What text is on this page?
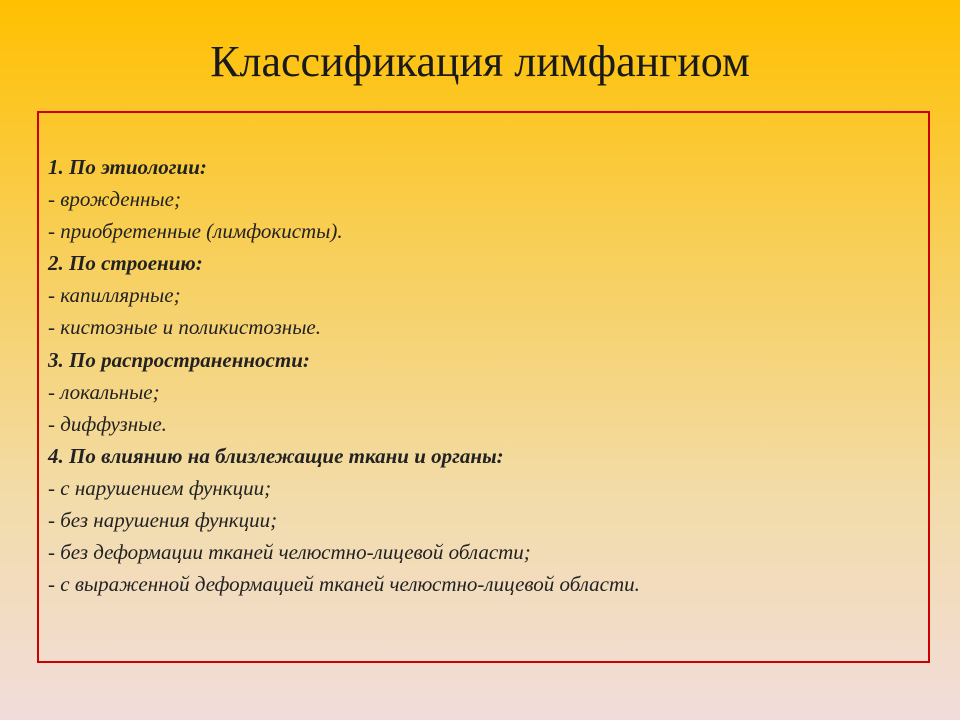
Классификация лимфангиом
1. По этиологии:
- врожденные;
- приобретенные (лимфокисты).
2. По строению:
- капиллярные;
- кистозные и поликистозные.
3. По распространенности:
- локальные;
- диффузные.
4. По влиянию на близлежащие ткани и органы:
- с нарушением функции;
- без нарушения функции;
- без деформации тканей челюстно-лицевой области;
- с выраженной деформацией тканей челюстно-лицевой области.
